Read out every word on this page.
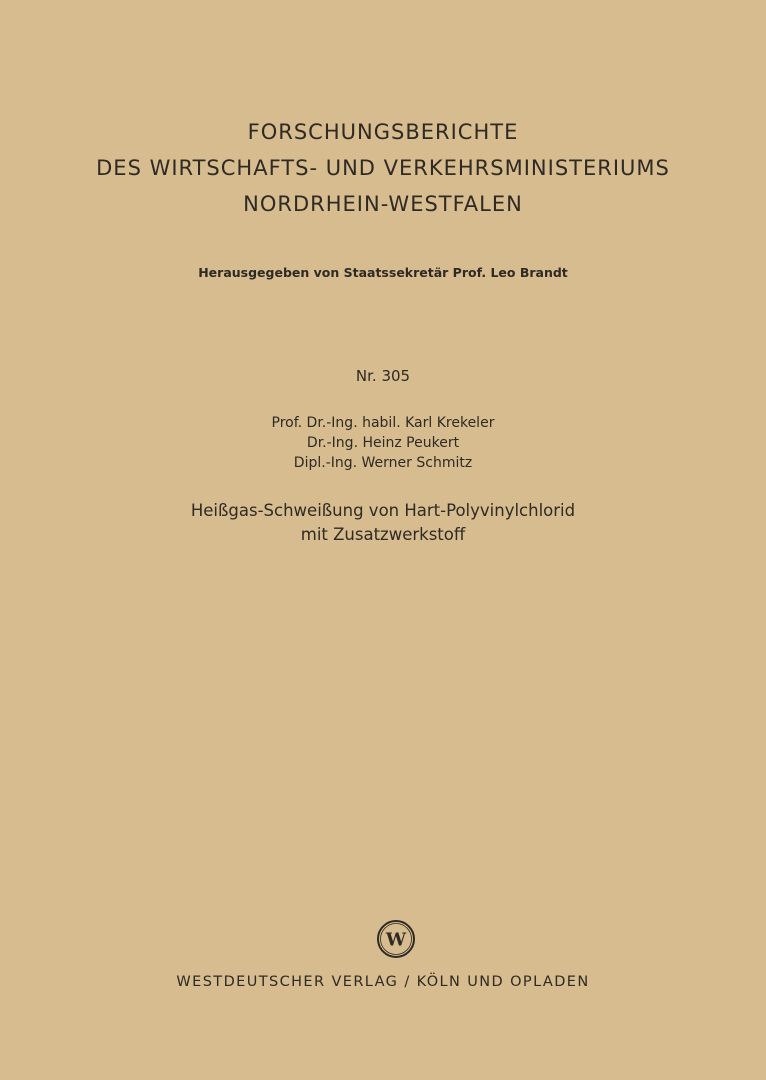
FORSCHUNGSBERICHTE
DES WIRTSCHAFTS- UND VERKEHRSMINISTERIUMS
NORDRHEIN-WESTFALEN
Herausgegeben von Staatssekretär Prof. Leo Brandt
Nr. 305
Prof. Dr.-Ing. habil. Karl Krekeler
Dr.-Ing. Heinz Peukert
Dipl.-Ing. Werner Schmitz
Heißgas-Schweißung von Hart-Polyvinylchlorid
mit Zusatzwerkstoff
W
WESTDEUTSCHER VERLAG / KÖLN UND OPLADEN
